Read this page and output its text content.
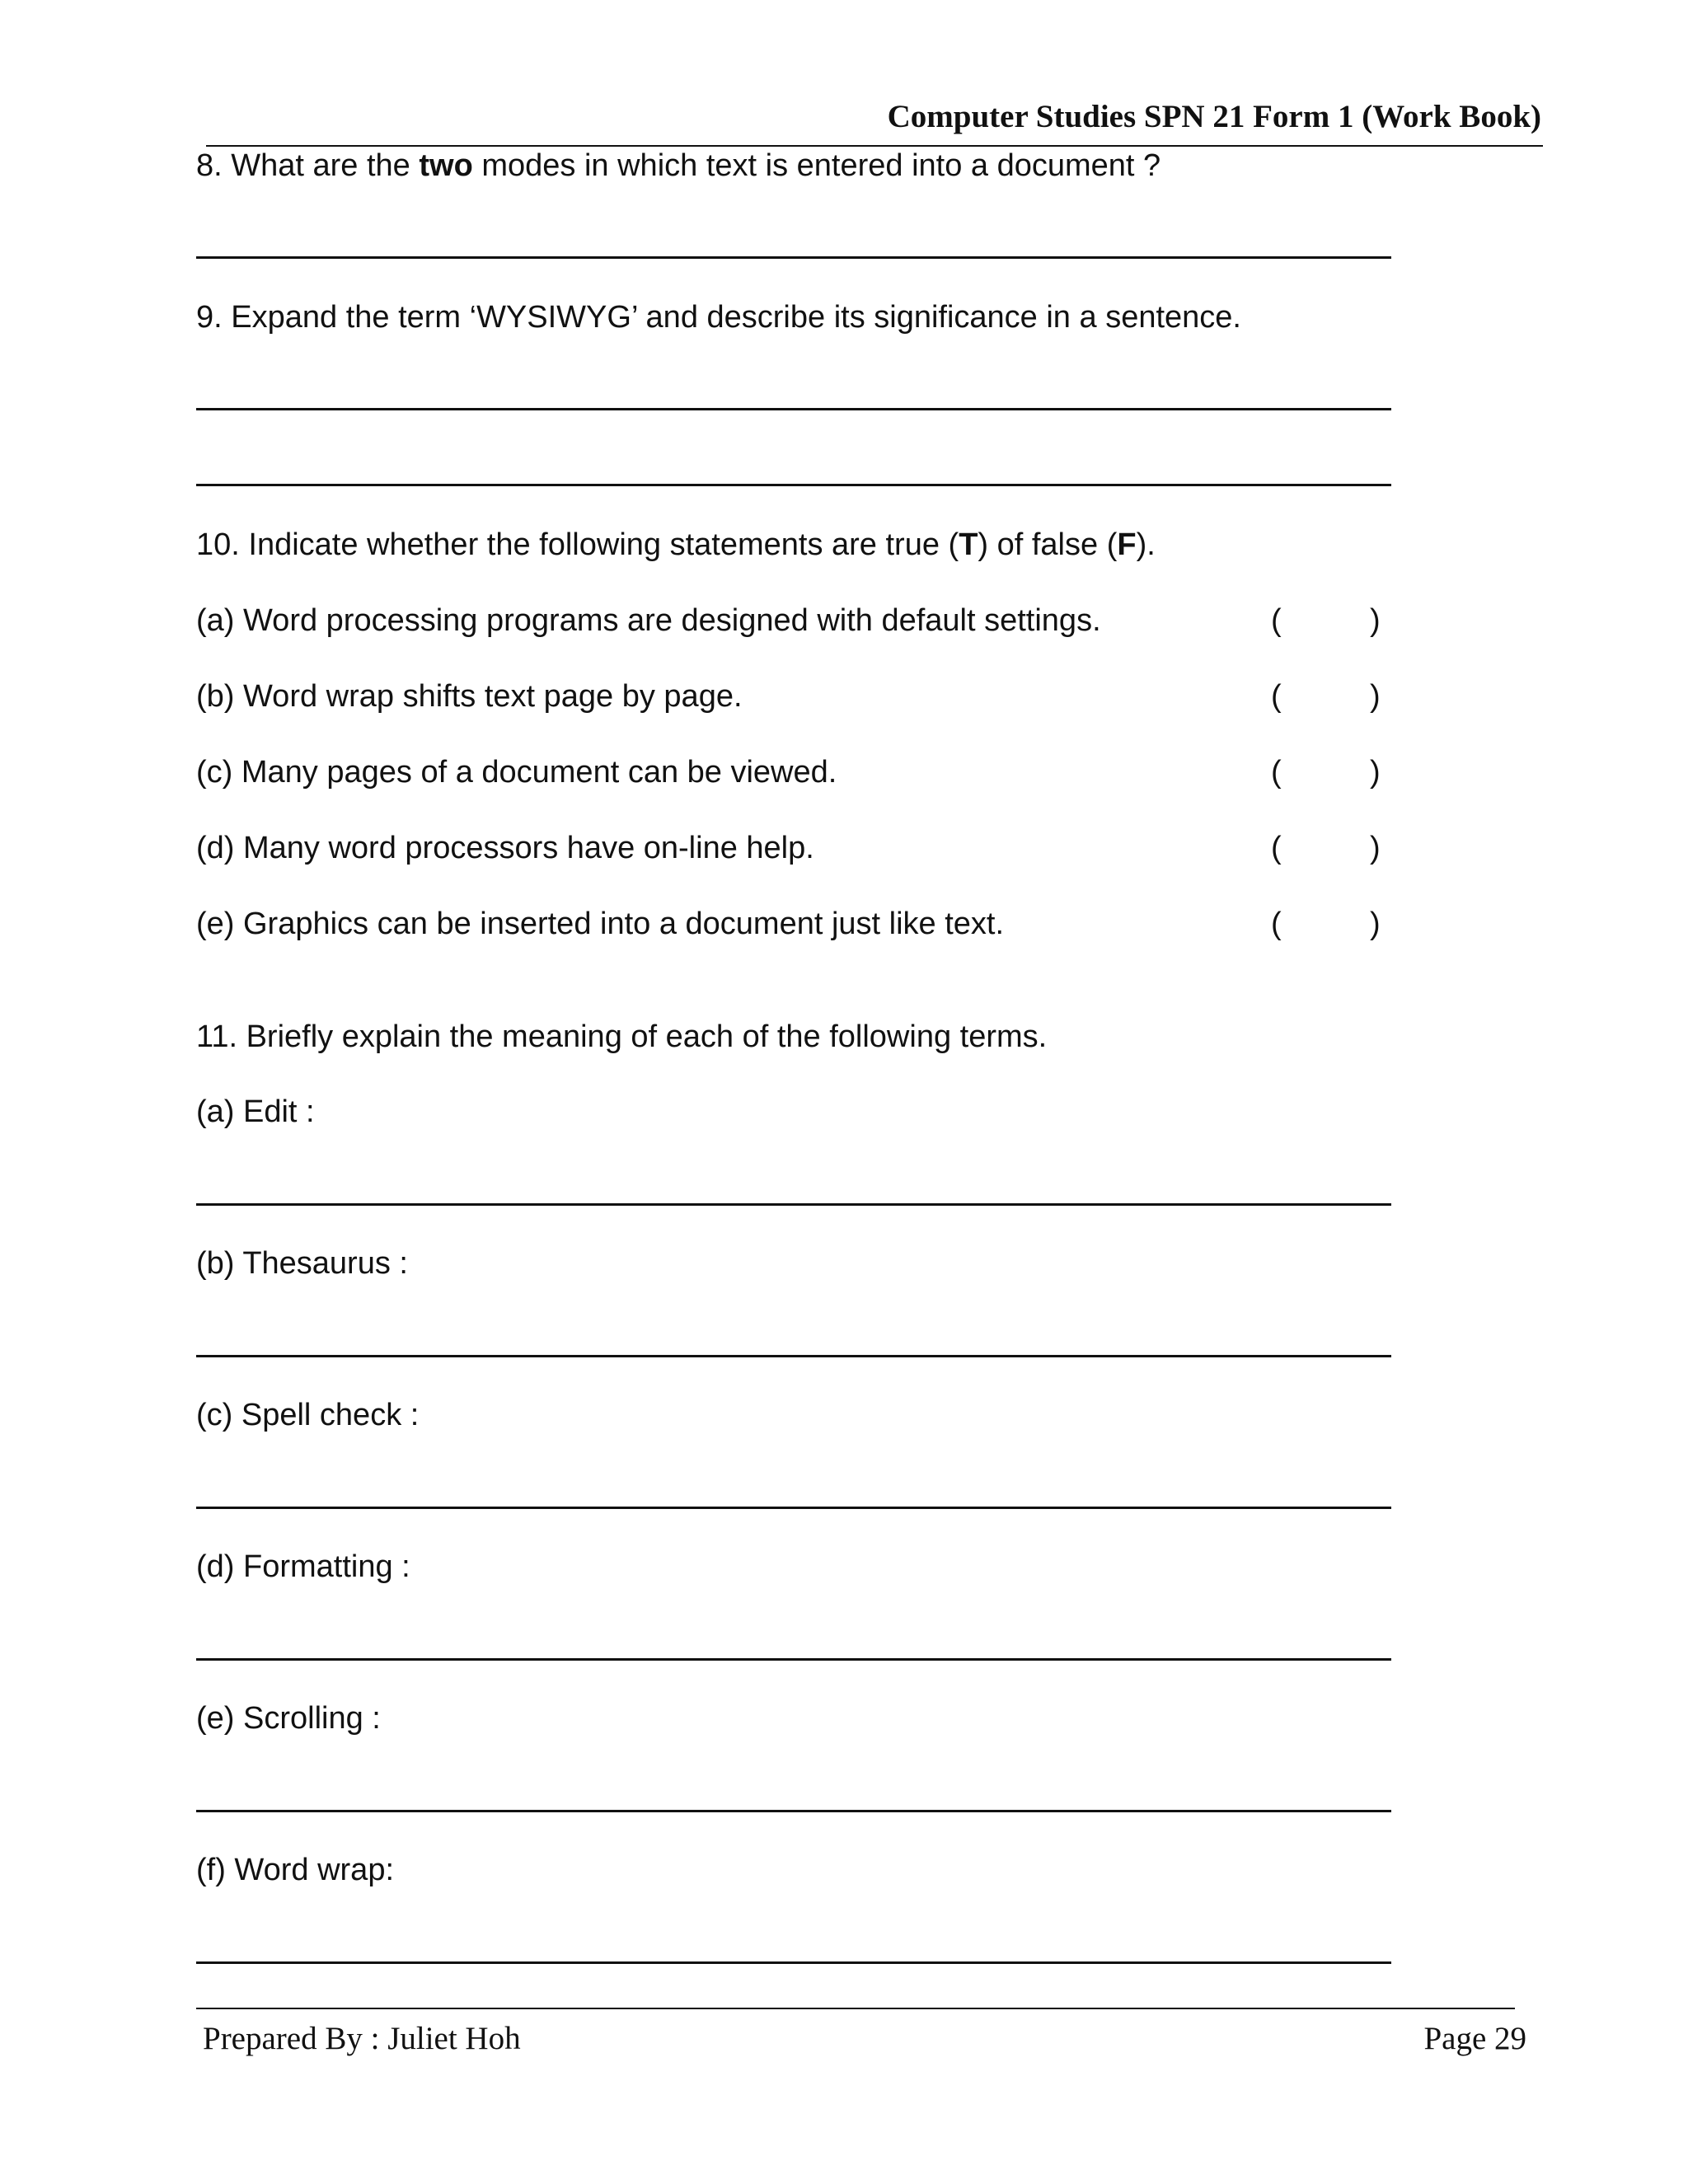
Computer Studies SPN 21 Form 1 (Work Book)
8. What are the two modes in which text is entered into a document ?
9. Expand the term ‘WYSIWYG’ and describe its significance in a sentence.
10. Indicate whether the following statements are true (T) of false (F).
(a) Word processing programs are designed with default settings.	(	)
(b) Word wrap shifts text page by page.	(	)
(c) Many pages of a document can be viewed.	(	)
(d) Many word processors have on-line help.	(	)
(e) Graphics can be inserted into a document just like text.	(	)
11. Briefly explain the meaning of each of the following terms.
(a) Edit :
(b) Thesaurus :
(c) Spell check :
(d) Formatting :
(e) Scrolling :
(f) Word wrap:
Prepared By : Juliet Hoh	Page 29
